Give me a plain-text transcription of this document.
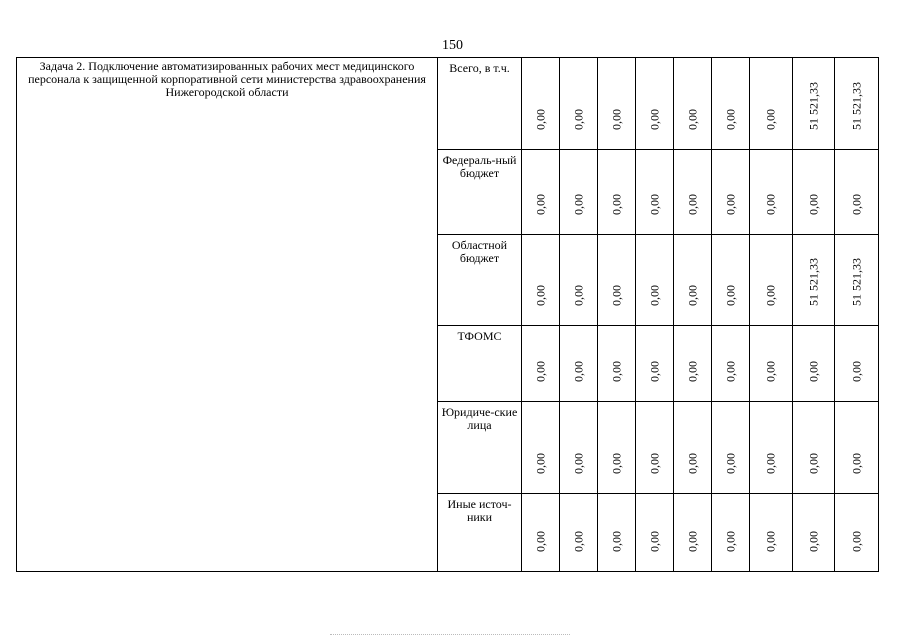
150
Задача 2. Подключение автоматизированных рабочих мест медицинского персонала к защищенной корпоративной сети министерства здравоохранения Нижегородской области	Всего, в т.ч.	0,00	0,00	0,00	0,00	0,00	0,00	0,00	51 521,33	51 521,33

	Федераль-ный бюджет	0,00	0,00	0,00	0,00	0,00	0,00	0,00	0,00	0,00

	Областной бюджет	0,00	0,00	0,00	0,00	0,00	0,00	0,00	51 521,33	51 521,33

	ТФОМС	0,00	0,00	0,00	0,00	0,00	0,00	0,00	0,00	0,00

	Юридиче-ские лица	0,00	0,00	0,00	0,00	0,00	0,00	0,00	0,00	0,00

	Иные источ-ники	0,00	0,00	0,00	0,00	0,00	0,00	0,00	0,00	0,00
